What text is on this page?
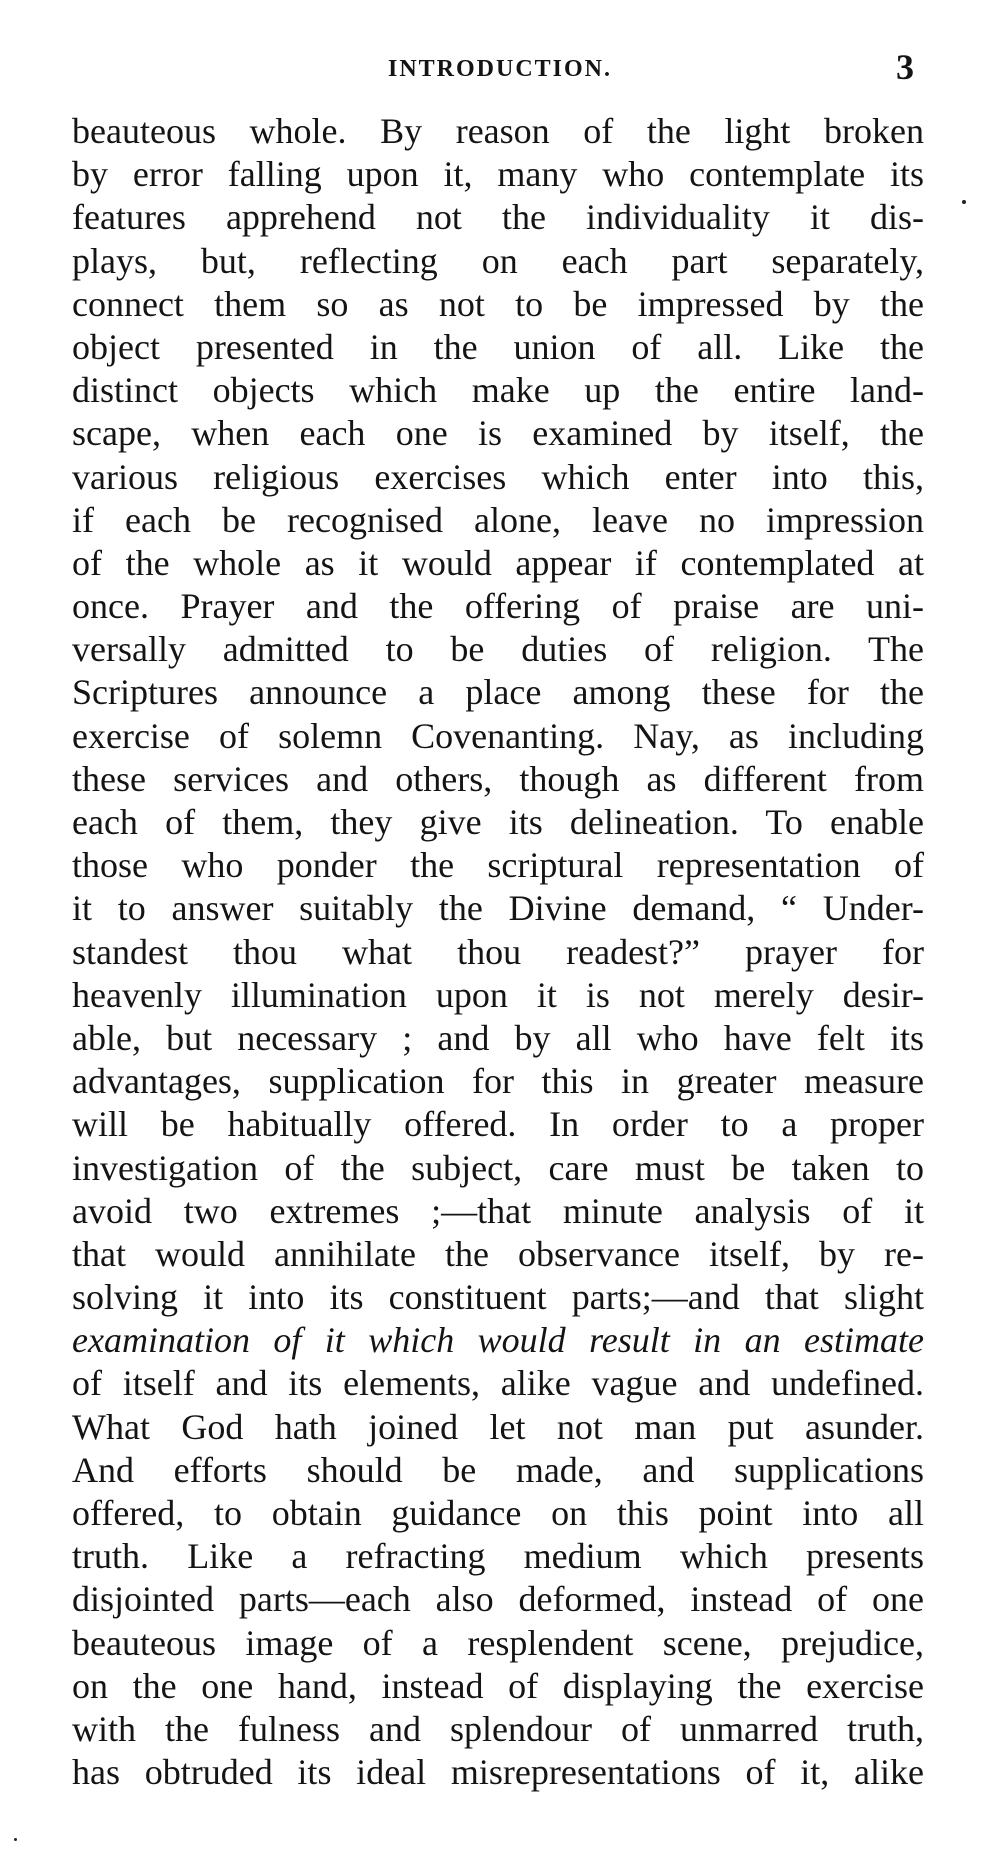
INTRODUCTION.	3
beauteous whole. By reason of the light broken
by error falling upon it, many who contemplate its
features apprehend not the individuality it dis-
plays, but, reflecting on each part separately,
connect them so as not to be impressed by the
object presented in the union of all. Like the
distinct objects which make up the entire land-
scape, when each one is examined by itself, the
various religious exercises which enter into this,
if each be recognised alone, leave no impression
of the whole as it would appear if contemplated at
once. Prayer and the offering of praise are uni-
versally admitted to be duties of religion. The
Scriptures announce a place among these for the
exercise of solemn Covenanting. Nay, as including
these services and others, though as different from
each of them, they give its delineation. To enable
those who ponder the scriptural representation of
it to answer suitably the Divine demand, “ Under-
standest thou what thou readest?” prayer for
heavenly illumination upon it is not merely desir-
able, but necessary ; and by all who have felt its
advantages, supplication for this in greater measure
will be habitually offered. In order to a proper
investigation of the subject, care must be taken to
avoid two extremes ;—that minute analysis of it
that would annihilate the observance itself, by re-
solving it into its constituent parts;—and that slight
examination of it which would result in an estimate
of itself and its elements, alike vague and undefined.
What God hath joined let not man put asunder.
And efforts should be made, and supplications
offered, to obtain guidance on this point into all
truth. Like a refracting medium which presents
disjointed parts—each also deformed, instead of one
beauteous image of a resplendent scene, prejudice,
on the one hand, instead of displaying the exercise
with the fulness and splendour of unmarred truth,
has obtruded its ideal misrepresentations of it, alike
